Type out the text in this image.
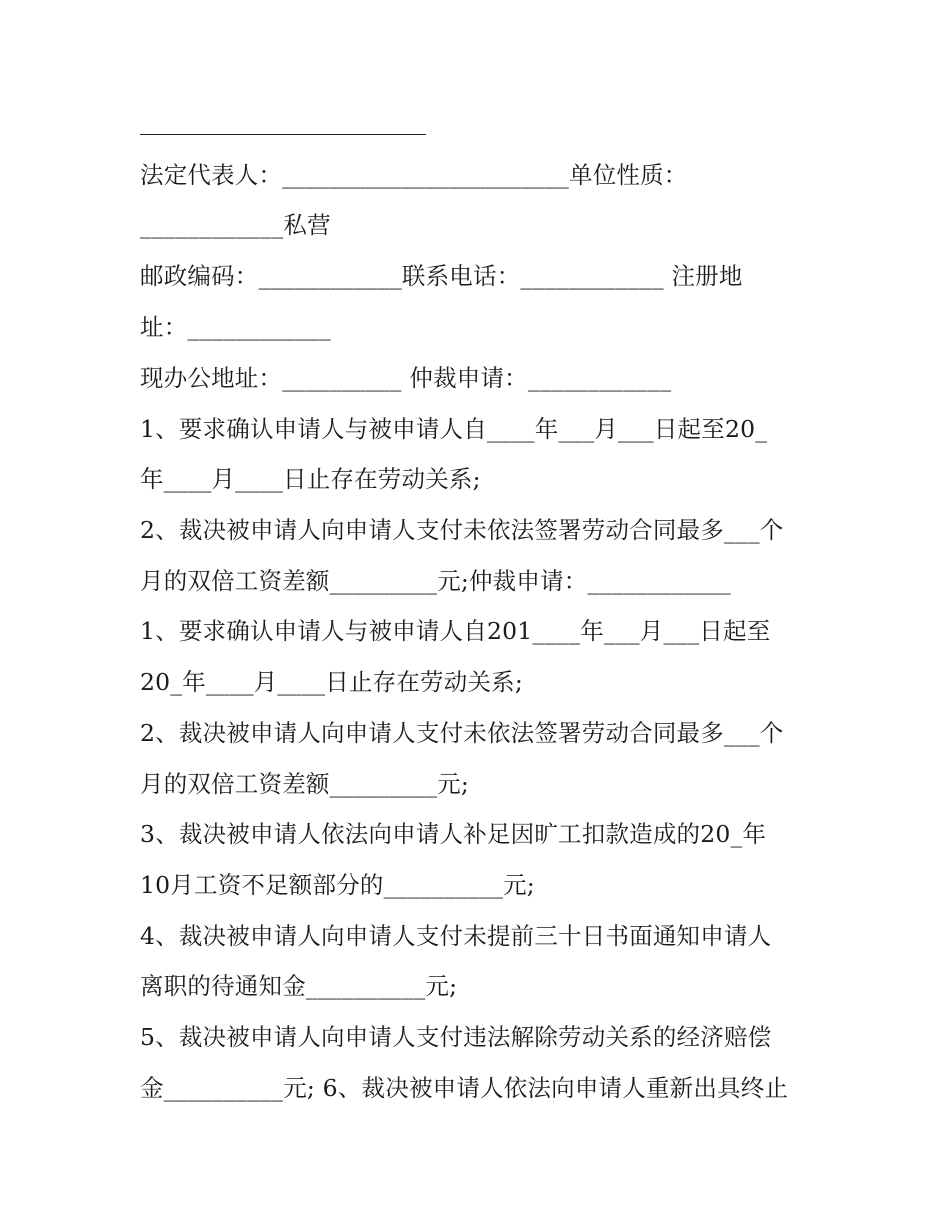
法定代表人：________________________单位性质：
____________私营
邮政编码：____________联系电话：____________ 注册地
址：____________
现办公地址：__________ 仲裁申请：____________
1、要求确认申请人与被申请人自____年___月___日起至20_
年____月____日止存在劳动关系;
2、裁决被申请人向申请人支付未依法签署劳动合同最多___个
月的双倍工资差额_________元;仲裁申请：____________
1、要求确认申请人与被申请人自201____年___月___日起至
20_年____月____日止存在劳动关系;
2、裁决被申请人向申请人支付未依法签署劳动合同最多___个
月的双倍工资差额_________元;
3、裁决被申请人依法向申请人补足因旷工扣款造成的20_年
10月工资不足额部分的__________元;
4、裁决被申请人向申请人支付未提前三十日书面通知申请人
离职的待通知金__________元;
5、裁决被申请人向申请人支付违法解除劳动关系的经济赔偿
金__________元; 6、裁决被申请人依法向申请人重新出具终止
